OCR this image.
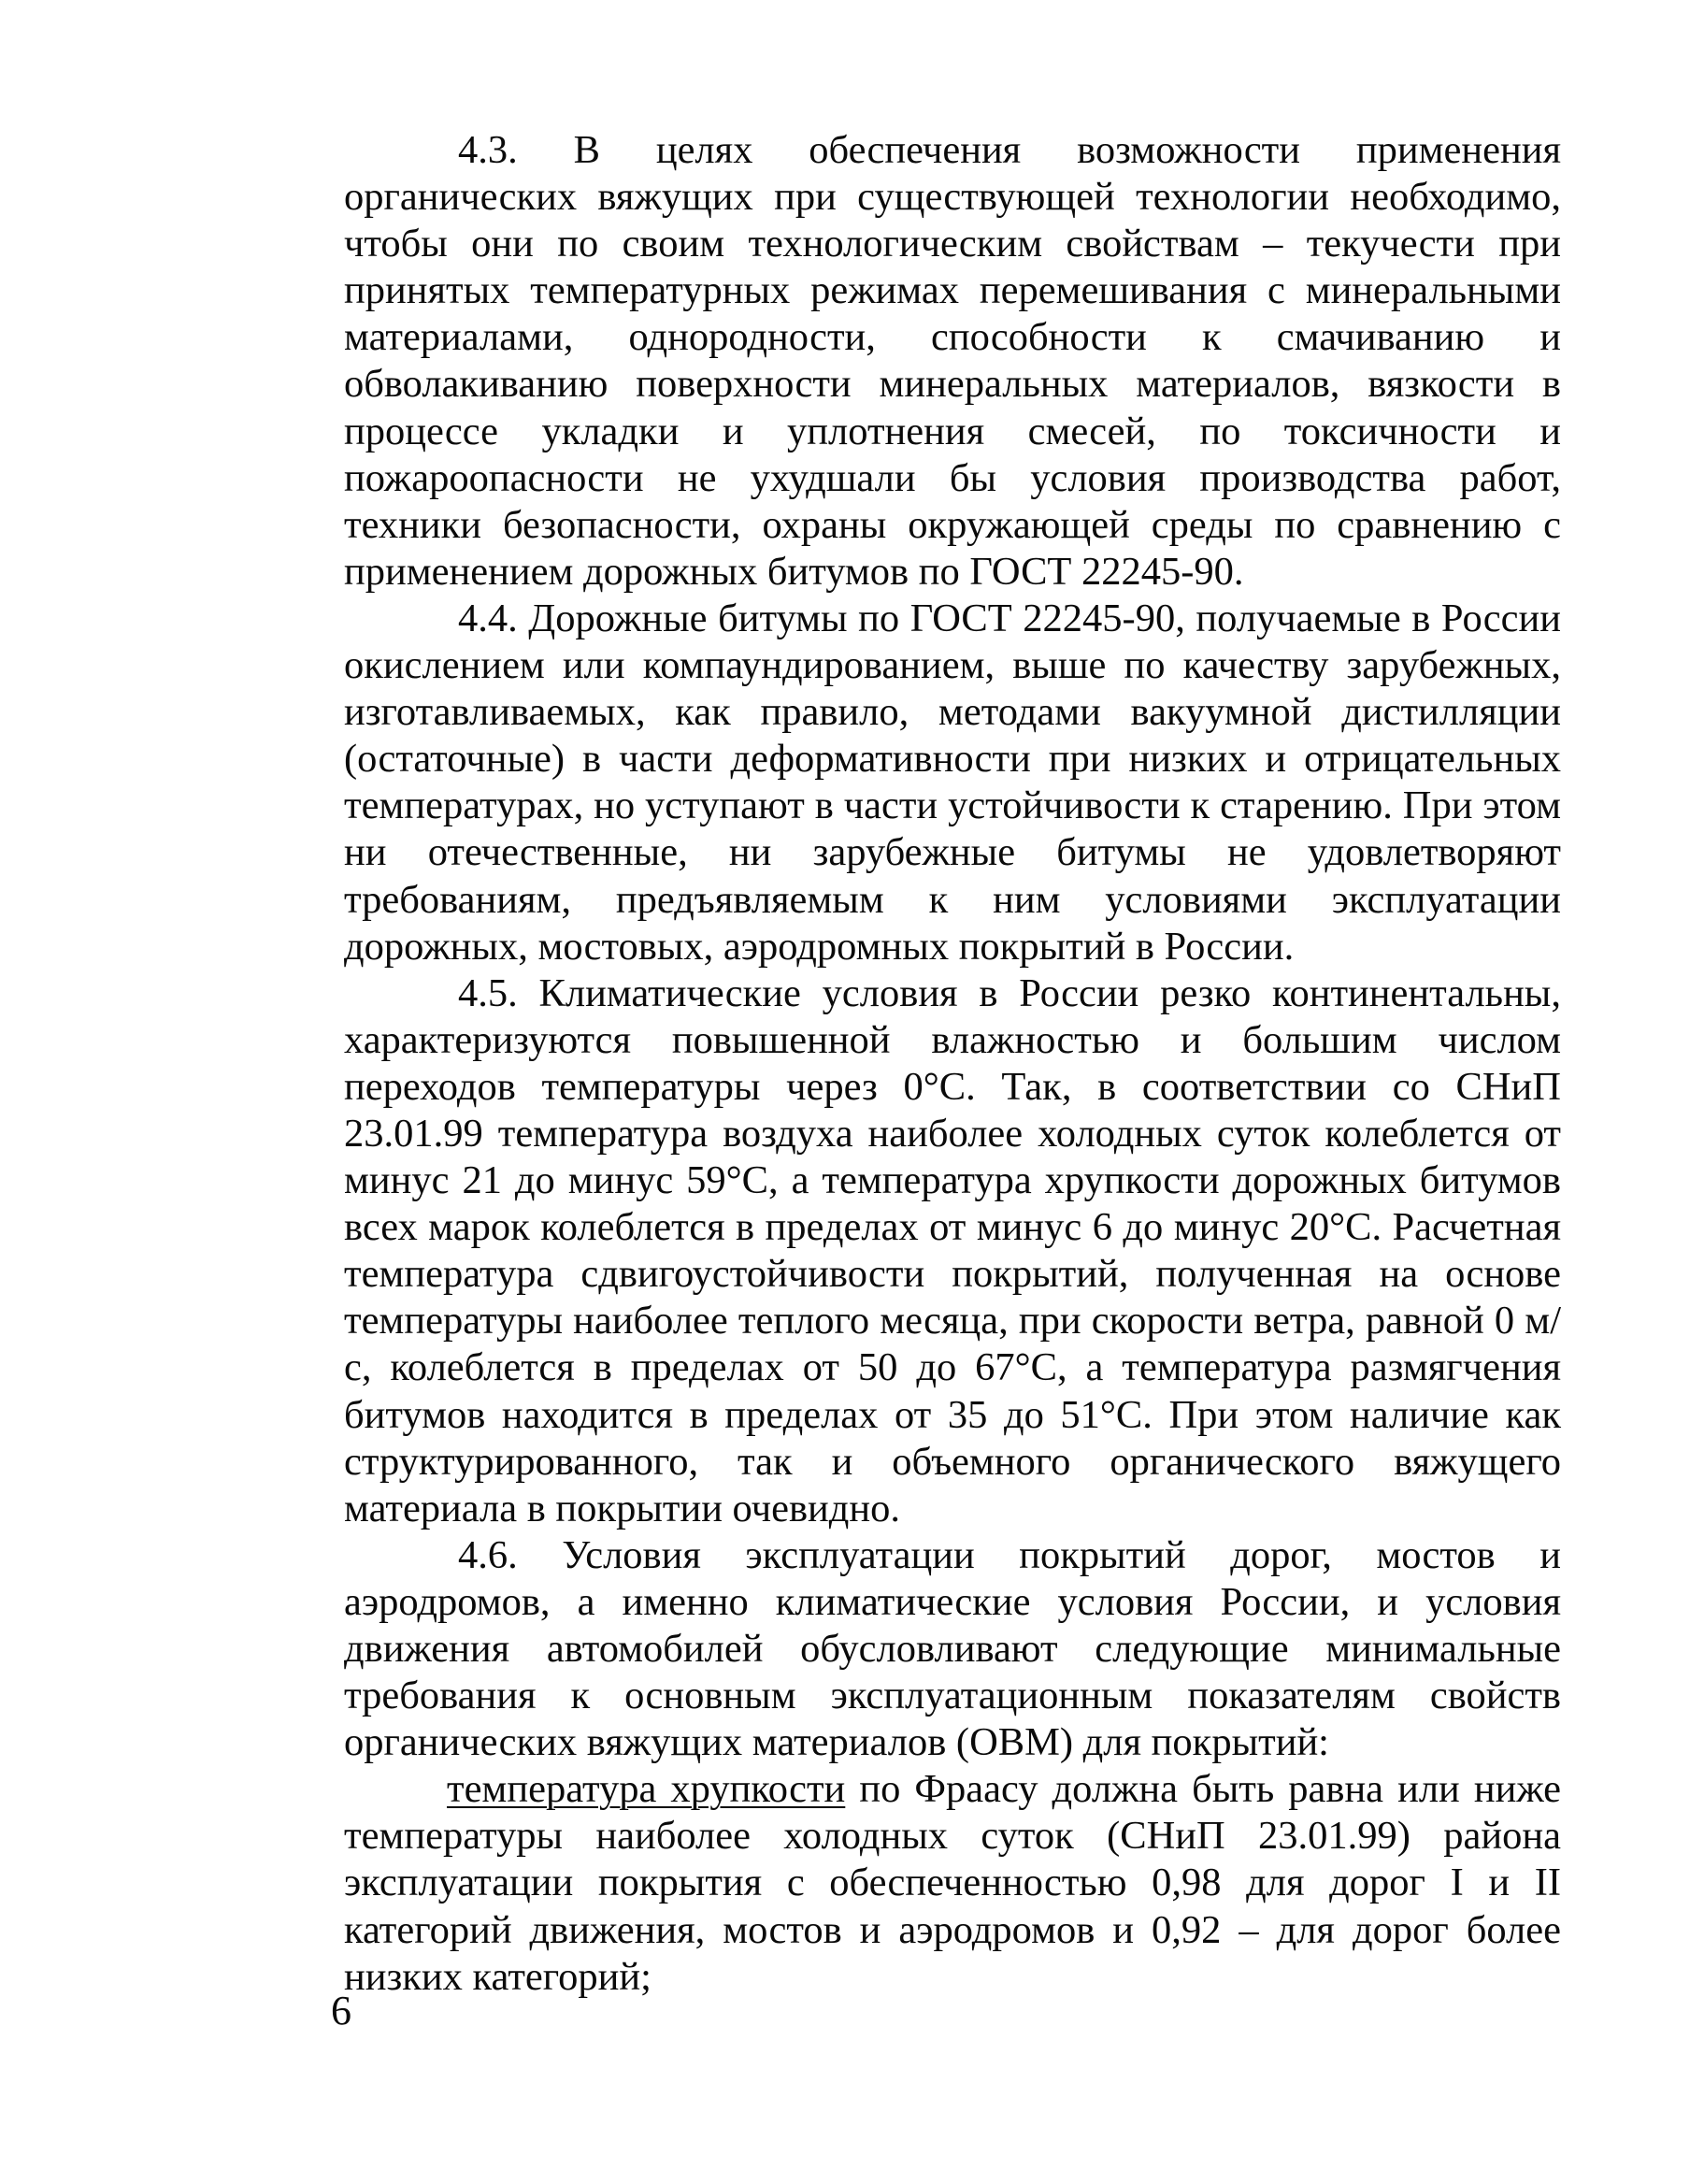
4.3. В целях обеспечения возможности применения органических вяжущих при существующей технологии необходимо, чтобы они по своим технологическим свойствам – текучести при принятых температурных режимах перемешивания с минеральными материалами, однородности, способности к смачиванию и обволакиванию поверхности минеральных материалов, вязкости в процессе укладки и уплотнения смесей, по токсичности и пожароопасности не ухудшали бы условия производства работ, техники безопасности, охраны окружающей среды по сравнению с применением дорожных битумов по ГОСТ 22245-90.

4.4. Дорожные битумы по ГОСТ 22245-90, получаемые в России окислением или компаундированием, выше по качеству зарубежных, изготавливаемых, как правило, методами вакуумной дистилляции (остаточные) в части деформативности при низких и отрицательных температурах, но уступают в части устойчивости к старению. При этом ни отечественные, ни зарубежные битумы не удовлетворяют требованиям, предъявляемым к ним условиями эксплуатации дорожных, мостовых, аэродромных покрытий в России.

4.5. Климатические условия в России резко континентальны, характеризуются повышенной влажностью и большим числом переходов температуры через 0°С. Так, в соответствии со СНиП 23.01.99 температура воздуха наиболее холодных суток колеблется от минус 21 до минус 59°С, а температура хрупкости дорожных битумов всех марок колеблется в пределах от минус 6 до минус 20°С. Расчетная температура сдвигоустойчивости покрытий, полученная на основе температуры наиболее теплого месяца, при скорости ветра, равной 0 м/с, колеблется в пределах от 50 до 67°С, а температура размягчения битумов находится в пределах от 35 до 51°С. При этом наличие как структурированного, так и объемного органического вяжущего материала в покрытии очевидно.

4.6. Условия эксплуатации покрытий дорог, мостов и аэродромов, а именно климатические условия России, и условия движения автомобилей обусловливают следующие минимальные требования к основным эксплуатационным показателям свойств органических вяжущих материалов (ОВМ) для покрытий:

температура хрупкости по Фраасу должна быть равна или ниже температуры наиболее холодных суток (СНиП 23.01.99) района эксплуатации покрытия с обеспеченностью 0,98 для дорог I и II категорий движения, мостов и аэродромов и 0,92 – для дорог более низких категорий;

6
